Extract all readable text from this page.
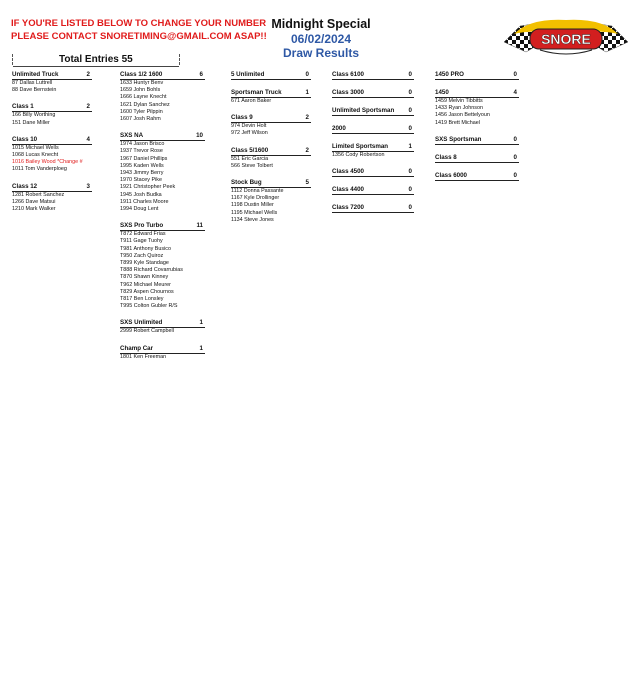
IF YOU'RE LISTED BELOW TO CHANGE YOUR NUMBER
PLEASE CONTACT SNORETIMING@GMAIL.COM ASAP!!
Midnight Special
06/02/2024
Draw Results
SNORE
Total Entries 55
Unlimited Truck	2
87 Dallas Luttrell
88 Dave Bernstein
Class 1	2
166 Billy Worthing
151 Dane Miller
Class 10	4
1015 Michael Wells
1068 Lucas Knecht
1016 Bailey Wood *Change #
1011 Tom Vanderploeg
Class 12	3
1281 Robert Sanchez
1266 Dave Matsui
1210 Mark Walker
Class 1/2 1600	6
1633 Huntyr Benv
1659 John Bohls
1666 Layne Knecht
1621 Dylan Sanchez
1600 Tyler Pilppin
1607 Josh Rahm
SXS NA	10
1974 Jason Brisco
1937 Trevor Rose
1967 Daniel Phillips
1995 Kaden Wells
1943 Jimmy Berry
1970 Stacey Pike
1921 Christopher Peek
1945 Josh Budka
1911 Charles Moore
1994 Doug Lent
SXS Pro Turbo	11
T872 Edward Frias
T911 Gage Tuohy
T981 Anthony Busico
T950 Zach Quiroz
T899 Kyle Standage
T888 Richard Covarrubias
T870 Shawn Kinney
T962 Michael Meurer
T829 Aspen Chournos
T817 Ben Lonsley
T995 Colton Gubler R/S
SXS Unlimited	1
2999 Robert Campbell
Champ Car	1
1801 Ken Freeman
5 Unlimited	0
Sportsman Truck	1
671 Aaron Baker
Class 9	2
974 Devin Holt
972 Jeff Wilson
Class 5/1600	2
551 Eric Garcia
566 Steve Tolbert
Stock Bug	5
1112 Donna Passante
1167 Kyle Drollinger
1198 Dustin Miller
1195 Michael Wells
1134 Steve Jones
Class 6100	0
Class 3000	0
Unlimited Sportsman 0
2000	0
Limited Sportsman	1
1356 Cody Robertson
Class 4500	0
Class 4400	0
Class 7200	0
1450 PRO	0
1450	4
1459 Melvin Tibbitts
1433 Ryan Johnson
1456 Jason Bettelyoun
1419 Brett Michael
SXS Sportsman	0
Class 8	0
Class 6000	0
